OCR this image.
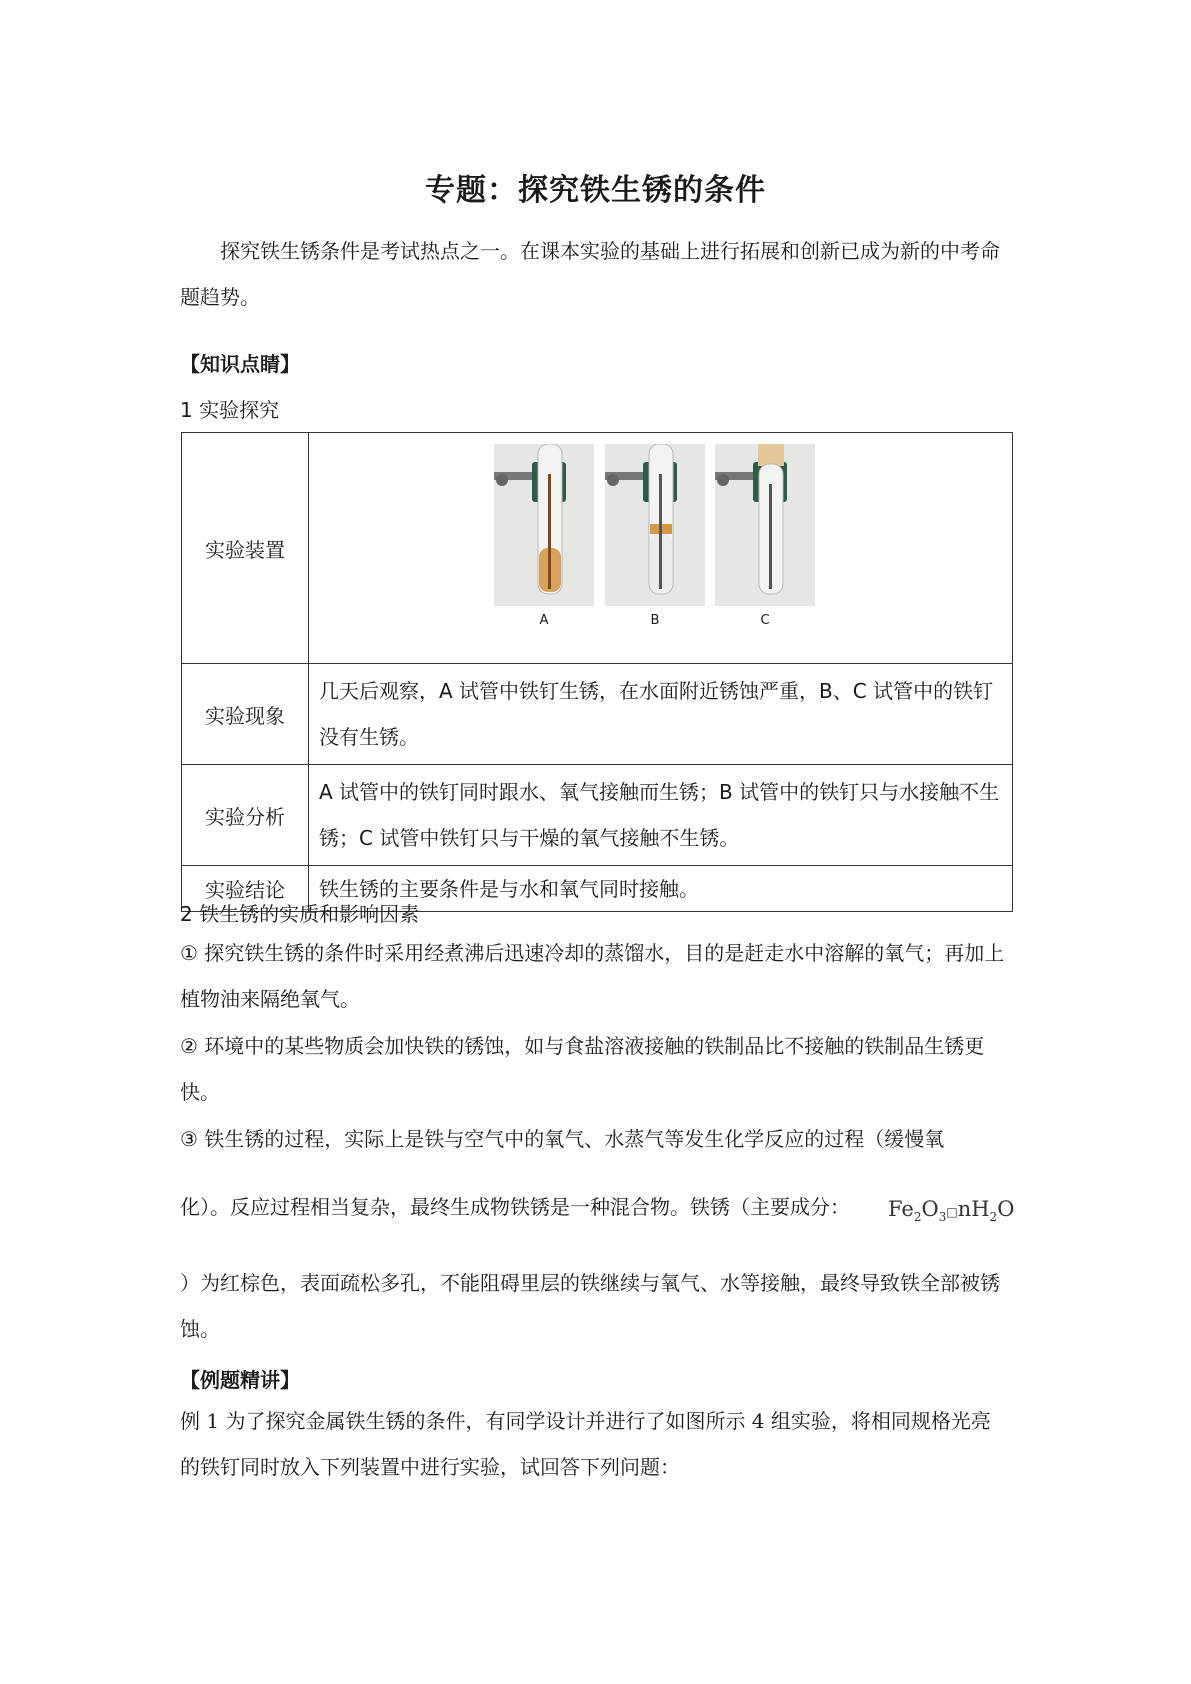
专题：探究铁生锈的条件
探究铁生锈条件是考试热点之一。在课本实验的基础上进行拓展和创新已成为新的中考命题趋势。
【知识点睛】
1 实验探究
实验装置	A B C

实验现象	几天后观察，A 试管中铁钉生锈，在水面附近锈蚀严重，B、C 试管中的铁钉没有生锈。
实验分析	A 试管中的铁钉同时跟水、氧气接触而生锈；B 试管中的铁钉只与水接触不生锈；C 试管中铁钉只与干燥的氧气接触不生锈。
实验结论	铁生锈的主要条件是与水和氧气同时接触。
2 铁生锈的实质和影响因素
① 探究铁生锈的条件时采用经煮沸后迅速冷却的蒸馏水，目的是赶走水中溶解的氧气；再加上植物油来隔绝氧气。
② 环境中的某些物质会加快铁的锈蚀，如与食盐溶液接触的铁制品比不接触的铁制品生锈更快。
③ 铁生锈的过程，实际上是铁与空气中的氧气、水蒸气等发生化学反应的过程（缓慢氧
化）。反应过程相当复杂，最终生成物铁锈是一种混合物。铁锈（主要成分：	$Fe_2O_3□nH_2O$
）为红棕色，表面疏松多孔，不能阻碍里层的铁继续与氧气、水等接触，最终导致铁全部被锈蚀。
【例题精讲】
例 1 为了探究金属铁生锈的条件，有同学设计并进行了如图所示 4 组实验，将相同规格光亮的铁钉同时放入下列装置中进行实验，试回答下列问题：
